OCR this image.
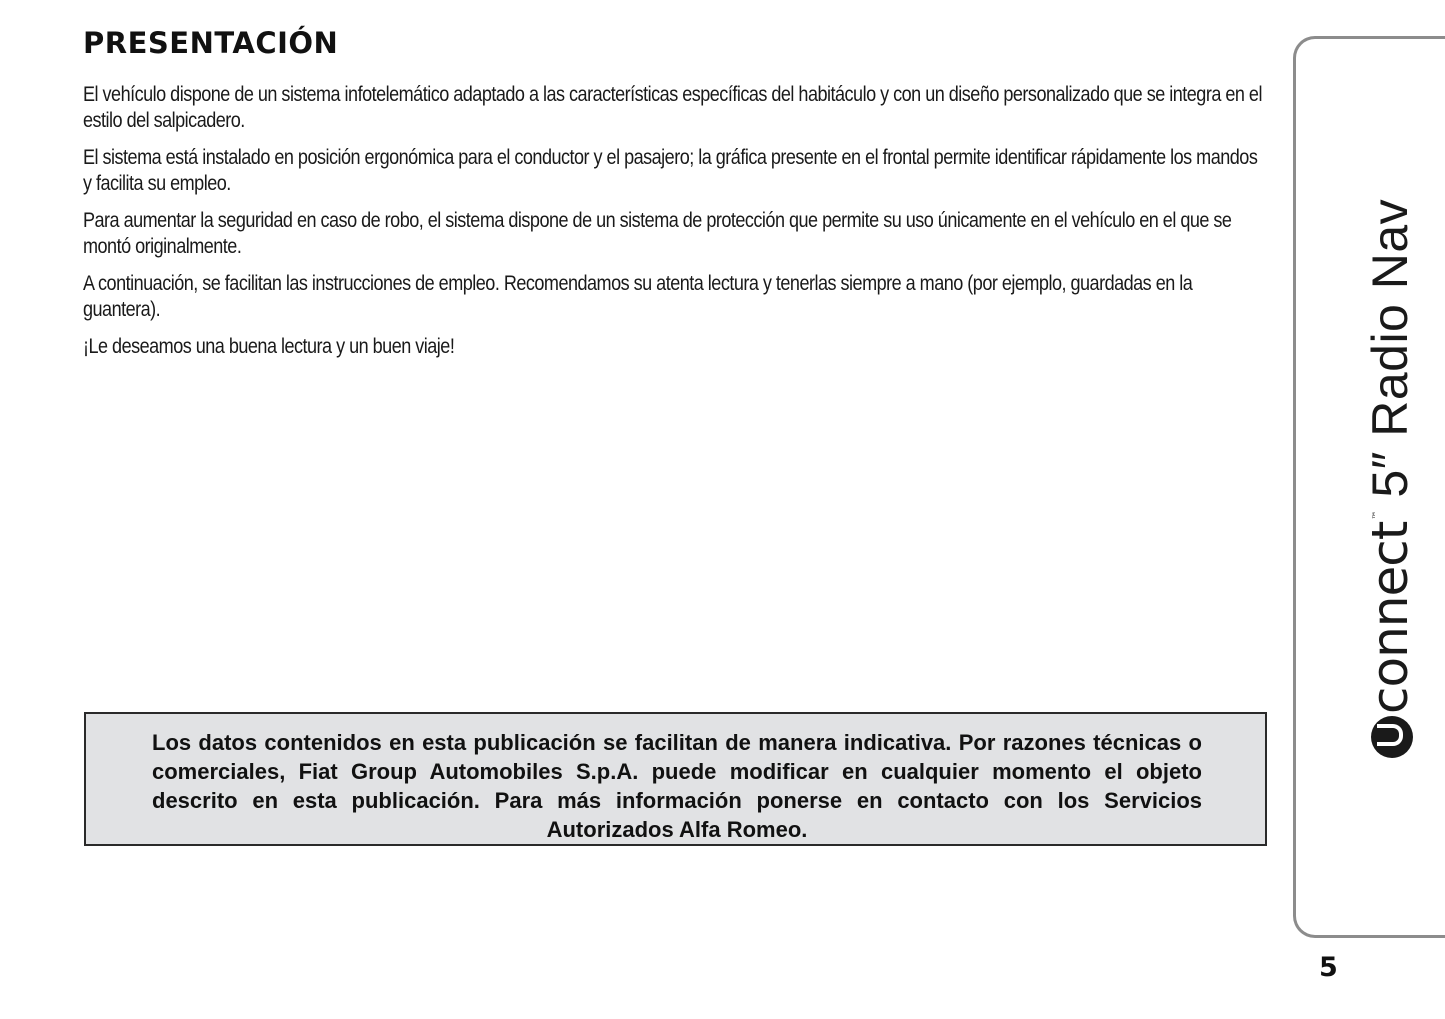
PRESENTACIÓN

El vehículo dispone de un sistema infotelemático adaptado a las características específicas del habitáculo y con un diseño personalizado que se integra en el estilo del salpicadero.

El sistema está instalado en posición ergonómica para el conductor y el pasajero; la gráfica presente en el frontal permite identificar rápidamente los mandos y facilita su empleo.

Para aumentar la seguridad en caso de robo, el sistema dispone de un sistema de protección que permite su uso únicamente en el vehículo en el que se montó originalmente.

A continuación, se facilitan las instrucciones de empleo. Recomendamos su atenta lectura y tenerlas siempre a mano (por ejemplo, guardadas en la guantera).

¡Le deseamos una buena lectura y un buen viaje!

Los datos contenidos en esta publicación se facilitan de manera indicativa. Por razones técnicas o comerciales, Fiat Group Automobiles S.p.A. puede modificar en cualquier momento el objeto descrito en esta publicación. Para más información ponerse en contacto con los Servicios Autorizados Alfa Romeo.

connect
™
5″ Radio Nav
5
